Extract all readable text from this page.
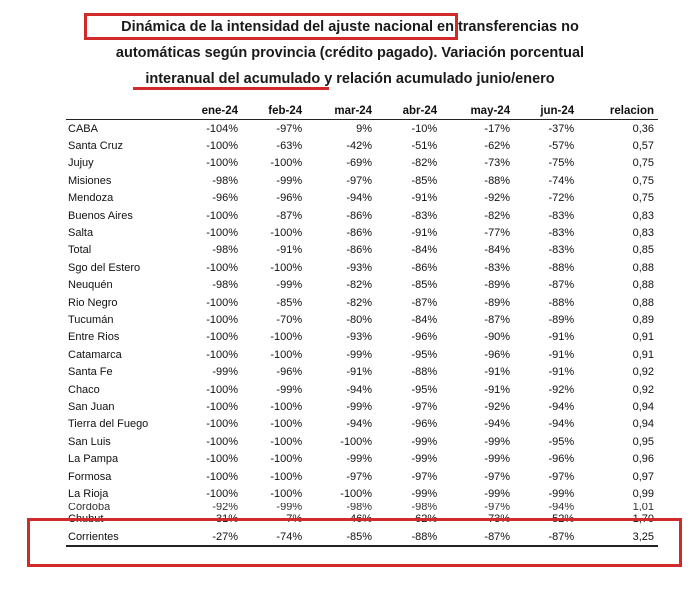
Dinámica de la intensidad del ajuste nacional en transferencias no
automáticas según provincia (crédito pagado). Variación porcentual
interanual del acumulado y relación acumulado junio/enero
	ene-24	feb-24	mar-24	abr-24	may-24	jun-24	relacion
CABA	-104%	-97%	9%	-10%	-17%	-37%	0,36
Santa Cruz	-100%	-63%	-42%	-51%	-62%	-57%	0,57
Jujuy	-100%	-100%	-69%	-82%	-73%	-75%	0,75
Misiones	-98%	-99%	-97%	-85%	-88%	-74%	0,75
Mendoza	-96%	-96%	-94%	-91%	-92%	-72%	0,75
Buenos Aires	-100%	-87%	-86%	-83%	-82%	-83%	0,83
Salta	-100%	-100%	-86%	-91%	-77%	-83%	0,83
Total	-98%	-91%	-86%	-84%	-84%	-83%	0,85
Sgo del Estero	-100%	-100%	-93%	-86%	-83%	-88%	0,88
Neuquén	-98%	-99%	-82%	-85%	-89%	-87%	0,88
Rio Negro	-100%	-85%	-82%	-87%	-89%	-88%	0,88
Tucumán	-100%	-70%	-80%	-84%	-87%	-89%	0,89
Entre Rios	-100%	-100%	-93%	-96%	-90%	-91%	0,91
Catamarca	-100%	-100%	-99%	-95%	-96%	-91%	0,91
Santa Fe	-99%	-96%	-91%	-88%	-91%	-91%	0,92
Chaco	-100%	-99%	-94%	-95%	-91%	-92%	0,92
San Juan	-100%	-100%	-99%	-97%	-92%	-94%	0,94
Tierra del Fuego	-100%	-100%	-94%	-96%	-94%	-94%	0,94
San Luis	-100%	-100%	-100%	-99%	-99%	-95%	0,95
La Pampa	-100%	-100%	-99%	-99%	-99%	-96%	0,96
Formosa	-100%	-100%	-97%	-97%	-97%	-97%	0,97
La Rioja	-100%	-100%	-100%	-99%	-99%	-99%	0,99
Córdoba	-92%	-99%	-98%	-98%	-97%	-94%	1,01
Chubut	-31%	-7%	-46%	-62%	-73%	-52%	1,70
Corrientes	-27%	-74%	-85%	-88%	-87%	-87%	3,25
